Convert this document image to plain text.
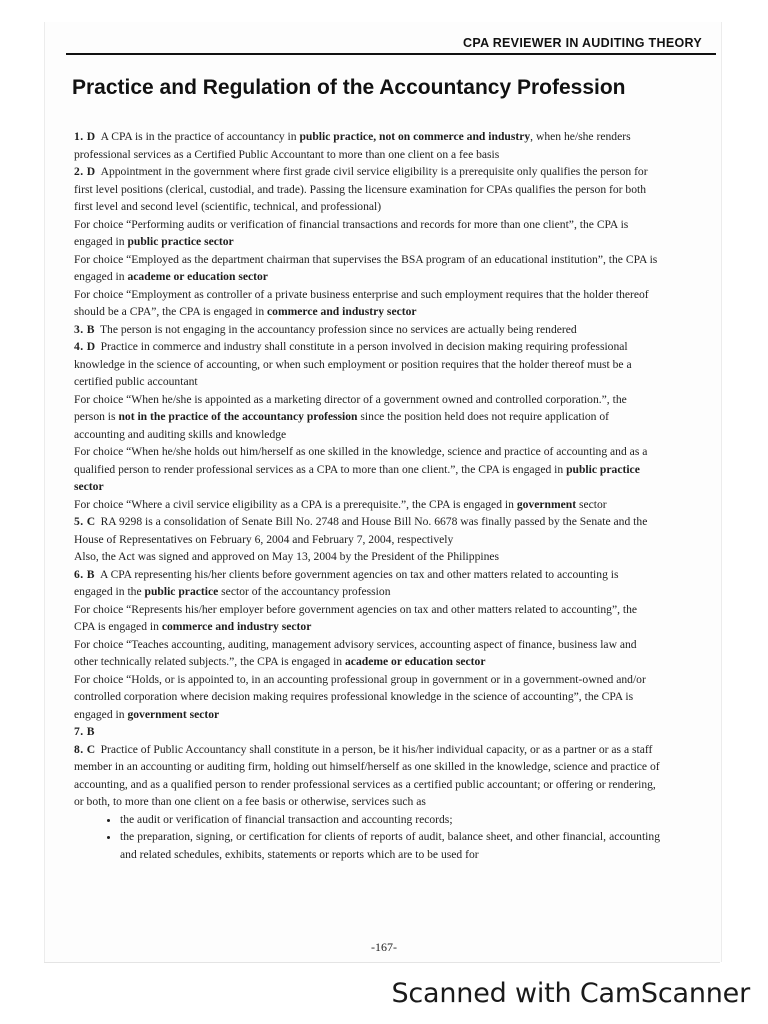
CPA REVIEWER IN AUDITING THEORY
Practice and Regulation of the Accountancy Profession

1. D A CPA is in the practice of accountancy in public practice, not on commerce and industry, when he/she renders professional services as a Certified Public Accountant to more than one client on a fee basis

2. D Appointment in the government where first grade civil service eligibility is a prerequisite only qualifies the person for first level positions (clerical, custodial, and trade). Passing the licensure examination for CPAs qualifies the person for both first level and second level (scientific, technical, and professional)

For choice “Performing audits or verification of financial transactions and records for more than one client”, the CPA is engaged in public practice sector

For choice “Employed as the department chairman that supervises the BSA program of an educational institution”, the CPA is engaged in academe or education sector

For choice “Employment as controller of a private business enterprise and such employment requires that the holder thereof should be a CPA”, the CPA is engaged in commerce and industry sector

3. B The person is not engaging in the accountancy profession since no services are actually being rendered

4. D Practice in commerce and industry shall constitute in a person involved in decision making requiring professional knowledge in the science of accounting, or when such employment or position requires that the holder thereof must be a certified public accountant

For choice “When he/she is appointed as a marketing director of a government owned and controlled corporation.”, the person is not in the practice of the accountancy profession since the position held does not require application of accounting and auditing skills and knowledge

For choice “When he/she holds out him/herself as one skilled in the knowledge, science and practice of accounting and as a qualified person to render professional services as a CPA to more than one client.”, the CPA is engaged in public practice sector

For choice “Where a civil service eligibility as a CPA is a prerequisite.”, the CPA is engaged in government sector

5. C RA 9298 is a consolidation of Senate Bill No. 2748 and House Bill No. 6678 was finally passed by the Senate and the House of Representatives on February 6, 2004 and February 7, 2004, respectively

Also, the Act was signed and approved on May 13, 2004 by the President of the Philippines

6. B A CPA representing his/her clients before government agencies on tax and other matters related to accounting is engaged in the public practice sector of the accountancy profession

For choice “Represents his/her employer before government agencies on tax and other matters related to accounting”, the CPA is engaged in commerce and industry sector

For choice “Teaches accounting, auditing, management advisory services, accounting aspect of finance, business law and other technically related subjects.”, the CPA is engaged in academe or education sector

For choice “Holds, or is appointed to, in an accounting professional group in government or in a government-owned and/or controlled corporation where decision making requires professional knowledge in the science of accounting”, the CPA is engaged in government sector

7. B

8. C Practice of Public Accountancy shall constitute in a person, be it his/her individual capacity, or as a partner or as a staff member in an accounting or auditing firm, holding out himself/herself as one skilled in the knowledge, science and practice of accounting, and as a qualified person to render professional services as a certified public accountant; or offering or rendering, or both, to more than one client on a fee basis or otherwise, services such as

• the audit or verification of financial transaction and accounting records;
• the preparation, signing, or certification for clients of reports of audit, balance sheet, and other financial, accounting and related schedules, exhibits, statements or reports which are to be used for
-167-
Scanned with CamScanner
